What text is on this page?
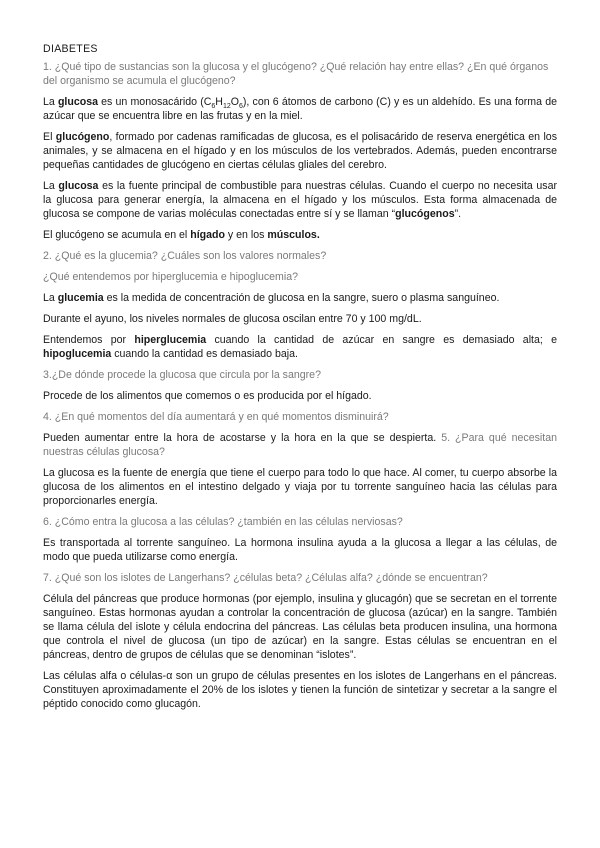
DIABETES
1. ¿Qué tipo de sustancias son la glucosa y el glucógeno? ¿Qué relación hay entre ellas? ¿En qué órganos del organismo se acumula el glucógeno?
La glucosa es un monosacárido $(C_6H_{12}O_6)$, con 6 átomos de carbono (C) y es un aldehído. Es una forma de azúcar que se encuentra libre en las frutas y en la miel.
El glucógeno, formado por cadenas ramificadas de glucosa, es el polisacárido de reserva energética en los animales, y se almacena en el hígado y en los músculos de los vertebrados. Además, pueden encontrarse pequeñas cantidades de glucógeno en ciertas células gliales del cerebro.
La glucosa es la fuente principal de combustible para nuestras células. Cuando el cuerpo no necesita usar la glucosa para generar energía, la almacena en el hígado y los músculos. Esta forma almacenada de glucosa se compone de varias moléculas conectadas entre sí y se llaman “glucógenos”.
El glucógeno se acumula en el hígado y en los músculos.
2. ¿Qué es la glucemia? ¿Cuáles son los valores normales?
¿Qué entendemos por hiperglucemia e hipoglucemia?
La glucemia es la medida de concentración de glucosa en la sangre, suero o plasma sanguíneo.
Durante el ayuno, los niveles normales de glucosa oscilan entre 70 y 100 mg/dL.
Entendemos por hiperglucemia cuando la cantidad de azúcar en sangre es demasiado alta; e hipoglucemia cuando la cantidad es demasiado baja.
3.¿De dónde procede la glucosa que circula por la sangre?
Procede de los alimentos que comemos o es producida por el hígado.
4. ¿En qué momentos del día aumentará y en qué momentos disminuirá?
Pueden aumentar entre la hora de acostarse y la hora en la que se despierta. 5. ¿Para qué necesitan nuestras células glucosa?
La glucosa es la fuente de energía que tiene el cuerpo para todo lo que hace. Al comer, tu cuerpo absorbe la glucosa de los alimentos en el intestino delgado y viaja por tu torrente sanguíneo hacia las células para proporcionarles energía.
6. ¿Cómo entra la glucosa a las células? ¿también en las células nerviosas?
Es transportada al torrente sanguíneo. La hormona insulina ayuda a la glucosa a llegar a las células, de modo que pueda utilizarse como energía.
7. ¿Qué son los islotes de Langerhans? ¿células beta? ¿Células alfa? ¿dónde se encuentran?
Célula del páncreas que produce hormonas (por ejemplo, insulina y glucagón) que se secretan en el torrente sanguíneo. Estas hormonas ayudan a controlar la concentración de glucosa (azúcar) en la sangre. También se llama célula del islote y célula endocrina del páncreas. Las células beta producen insulina, una hormona que controla el nivel de glucosa (un tipo de azúcar) en la sangre. Estas células se encuentran en el páncreas, dentro de grupos de células que se denominan “islotes”.
Las células alfa o células-α son un grupo de células presentes en los islotes de Langerhans en el páncreas. Constituyen aproximadamente el 20% de los islotes y tienen la función de sintetizar y secretar a la sangre el péptido conocido como glucagón.
